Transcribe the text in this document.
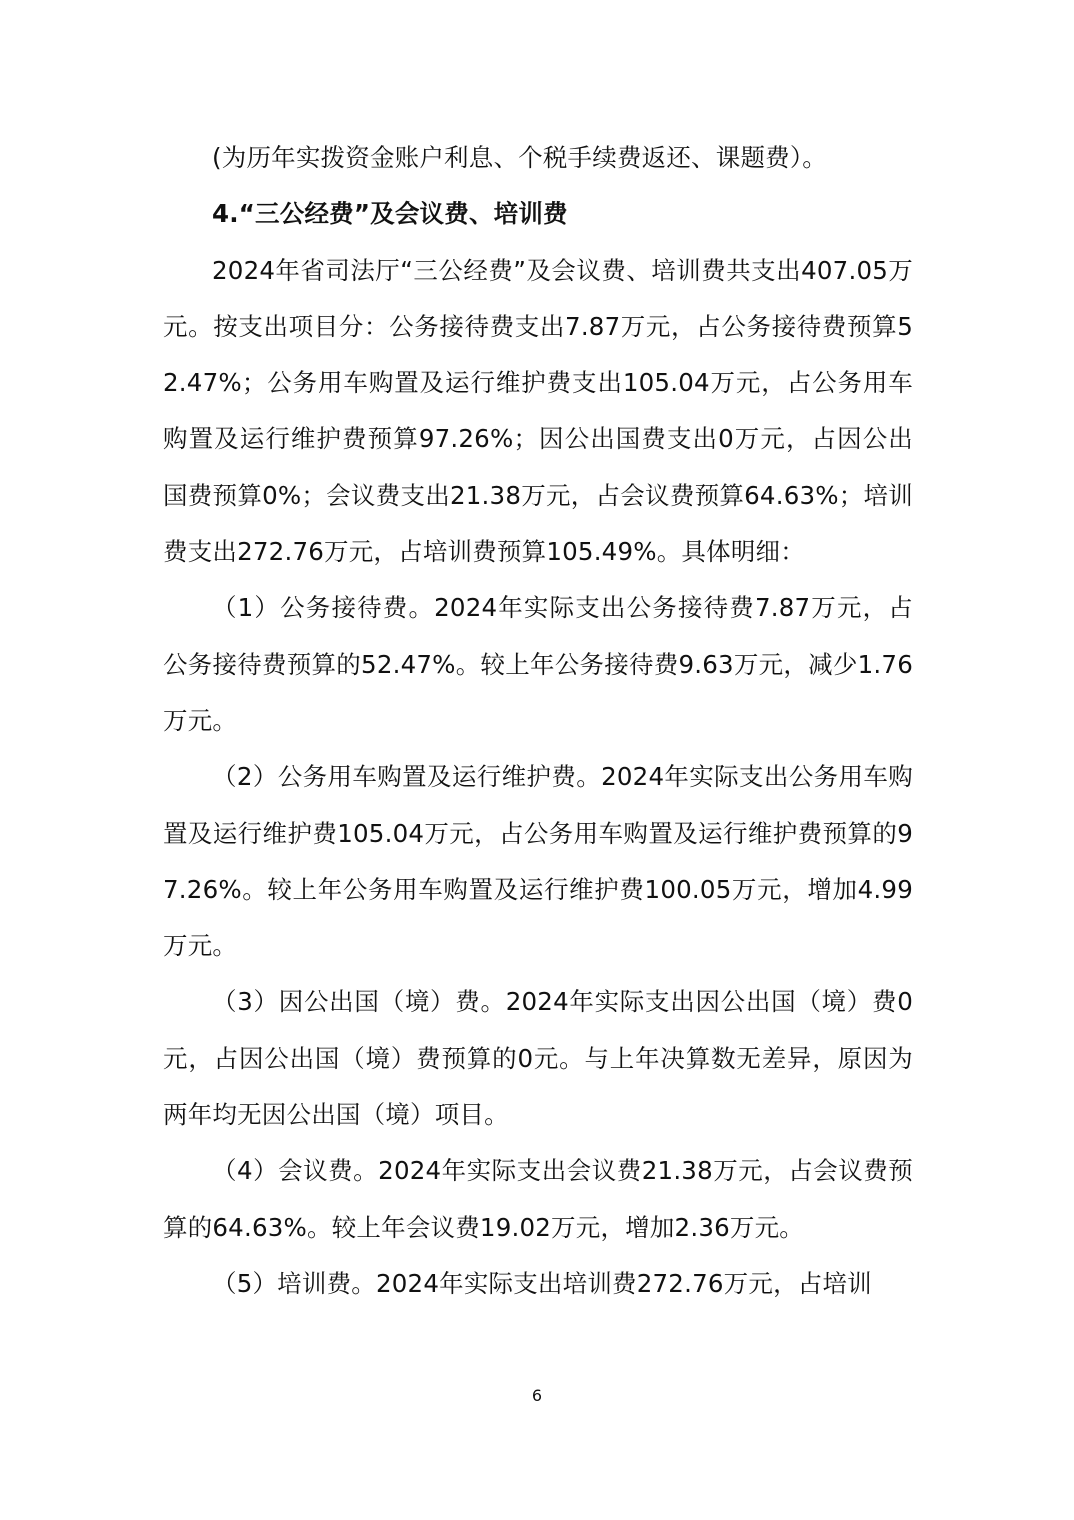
(为历年实拨资金账户利息、个税手续费返还、课题费）。

4.“三公经费”及会议费、培训费

2024年省司法厅“三公经费”及会议费、培训费共支出407.05万元。按支出项目分：公务接待费支出7.87万元，占公务接待费预算52.47%；公务用车购置及运行维护费支出105.04万元，占公务用车购置及运行维护费预算97.26%；因公出国费支出0万元，占因公出国费预算0%；会议费支出21.38万元，占会议费预算64.63%；培训费支出272.76万元，占培训费预算105.49%。具体明细：

（1）公务接待费。2024年实际支出公务接待费7.87万元，占公务接待费预算的52.47%。较上年公务接待费9.63万元，减少1.76万元。

（2）公务用车购置及运行维护费。2024年实际支出公务用车购置及运行维护费105.04万元，占公务用车购置及运行维护费预算的97.26%。较上年公务用车购置及运行维护费100.05万元，增加4.99万元。

（3）因公出国（境）费。2024年实际支出因公出国（境）费0元，占因公出国（境）费预算的0元。与上年决算数无差异，原因为两年均无因公出国（境）项目。

（4）会议费。2024年实际支出会议费21.38万元，占会议费预算的64.63%。较上年会议费19.02万元，增加2.36万元。

（5）培训费。2024年实际支出培训费272.76万元，占培训

6
